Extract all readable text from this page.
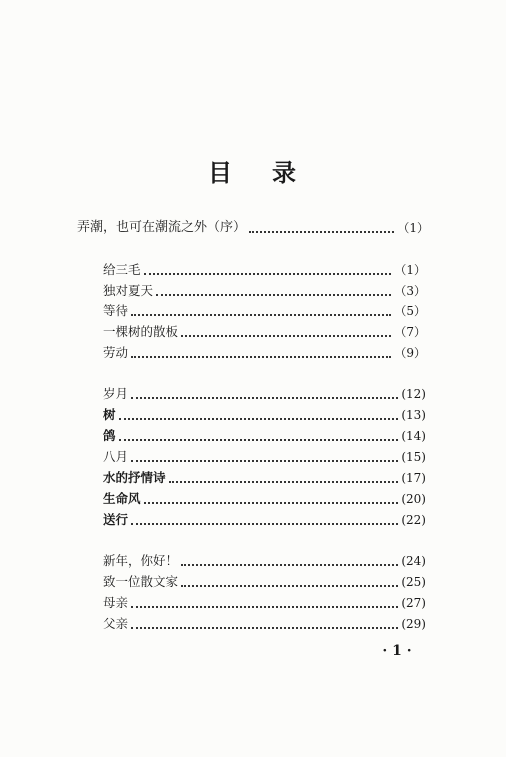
目 录
弄潮，也可在潮流之外（序）	（1）
给三毛	（1）
独对夏天	（3）
等待	（5）
一棵树的散板	（7）
劳动	（9）
岁月	(12)
树	(13)
鸽	(14)
八月	(15)
水的抒情诗	(17)
生命风	(20)
送行	(22)
新年，你好！	(24)
致一位散文家	(25)
母亲	(27)
父亲	(29)
· 1 ·
